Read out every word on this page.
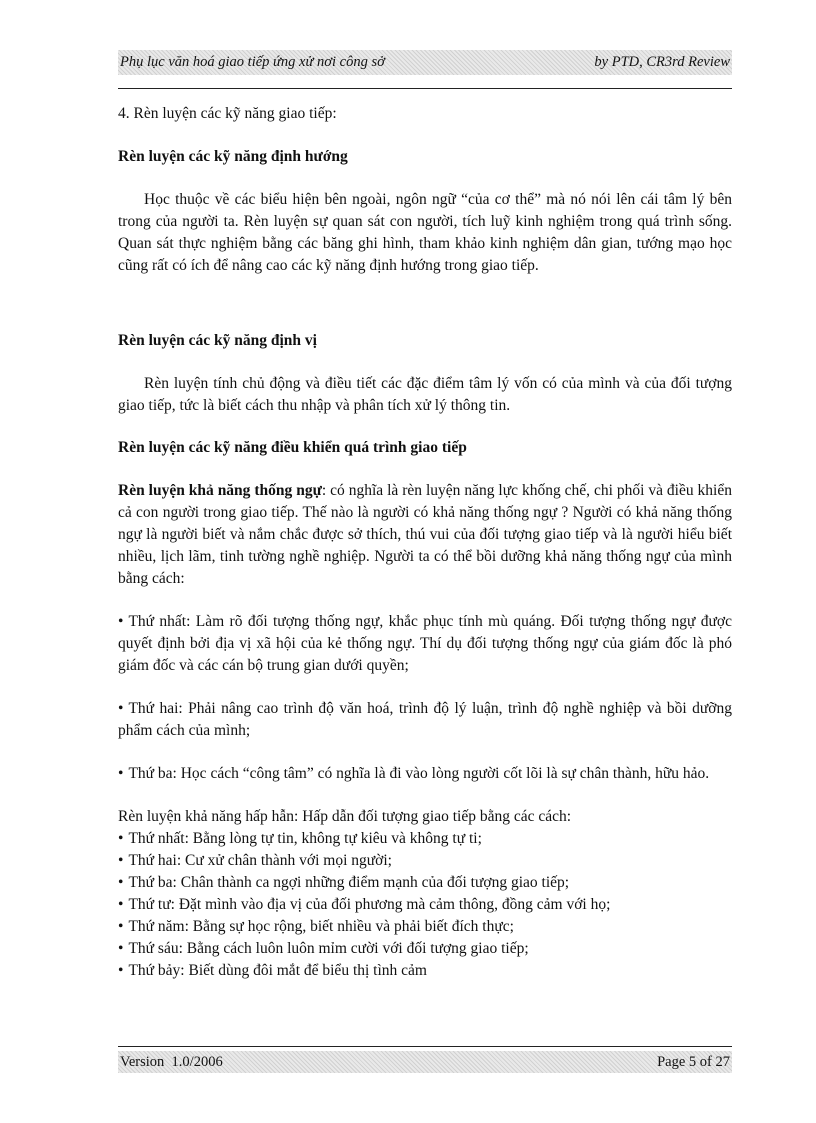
Phụ lục văn hoá giao tiếp ứng xử nơi công sở	by PTD, CR3rd Review

4. Rèn luyện các kỹ năng giao tiếp:

Rèn luyện các kỹ năng định hướng

Học thuộc về các biểu hiện bên ngoài, ngôn ngữ “của cơ thể” mà nó nói lên cái tâm lý bên trong của người ta. Rèn luyện sự quan sát con người, tích luỹ kinh nghiệm trong quá trình sống. Quan sát thực nghiệm bằng các băng ghi hình, tham khảo kinh nghiệm dân gian, tướng mạo học cũng rất có ích để nâng cao các kỹ năng định hướng trong giao tiếp.

Rèn luyện các kỹ năng định vị

Rèn luyện tính chủ động và điều tiết các đặc điểm tâm lý vốn có của mình và của đối tượng giao tiếp, tức là biết cách thu nhập và phân tích xử lý thông tin.

Rèn luyện các kỹ năng điều khiển quá trình giao tiếp

Rèn luyện khả năng thống ngự: có nghĩa là rèn luyện năng lực khống chế, chi phối và điều khiển cả con người trong giao tiếp. Thế nào là người có khả năng thống ngự ? Người có khả năng thống ngự là người biết và nắm chắc được sở thích, thú vui của đối tượng giao tiếp và là người hiểu biết nhiều, lịch lãm, tinh tường nghề nghiệp. Người ta có thể bồi dưỡng khả năng thống ngự của mình bằng cách:

• Thứ nhất: Làm rõ đối tượng thống ngự, khắc phục tính mù quáng. Đối tượng thống ngự được quyết định bởi địa vị xã hội của kẻ thống ngự. Thí dụ đối tượng thống ngự của giám đốc là phó giám đốc và các cán bộ trung gian dưới quyền;

• Thứ hai: Phải nâng cao trình độ văn hoá, trình độ lý luận, trình độ nghề nghiệp và bồi dưỡng phẩm cách của mình;

• Thứ ba: Học cách “công tâm” có nghĩa là đi vào lòng người cốt lõi là sự chân thành, hữu hảo.

Rèn luyện khả năng hấp hẫn: Hấp dẫn đối tượng giao tiếp bằng các cách:

• Thứ nhất: Bằng lòng tự tin, không tự kiêu và không tự ti;
• Thứ hai: Cư xử chân thành với mọi người;
• Thứ ba: Chân thành ca ngợi những điểm mạnh của đối tượng giao tiếp;
• Thứ tư: Đặt mình vào địa vị của đối phương mà cảm thông, đồng cảm với họ;
• Thứ năm: Bằng sự học rộng, biết nhiều và phải biết đích thực;
• Thứ sáu: Bằng cách luôn luôn mỉm cười với đối tượng giao tiếp;
• Thứ bảy: Biết dùng đôi mắt để biểu thị tình cảm
Version  1.0/2006	Page 5 of 27
